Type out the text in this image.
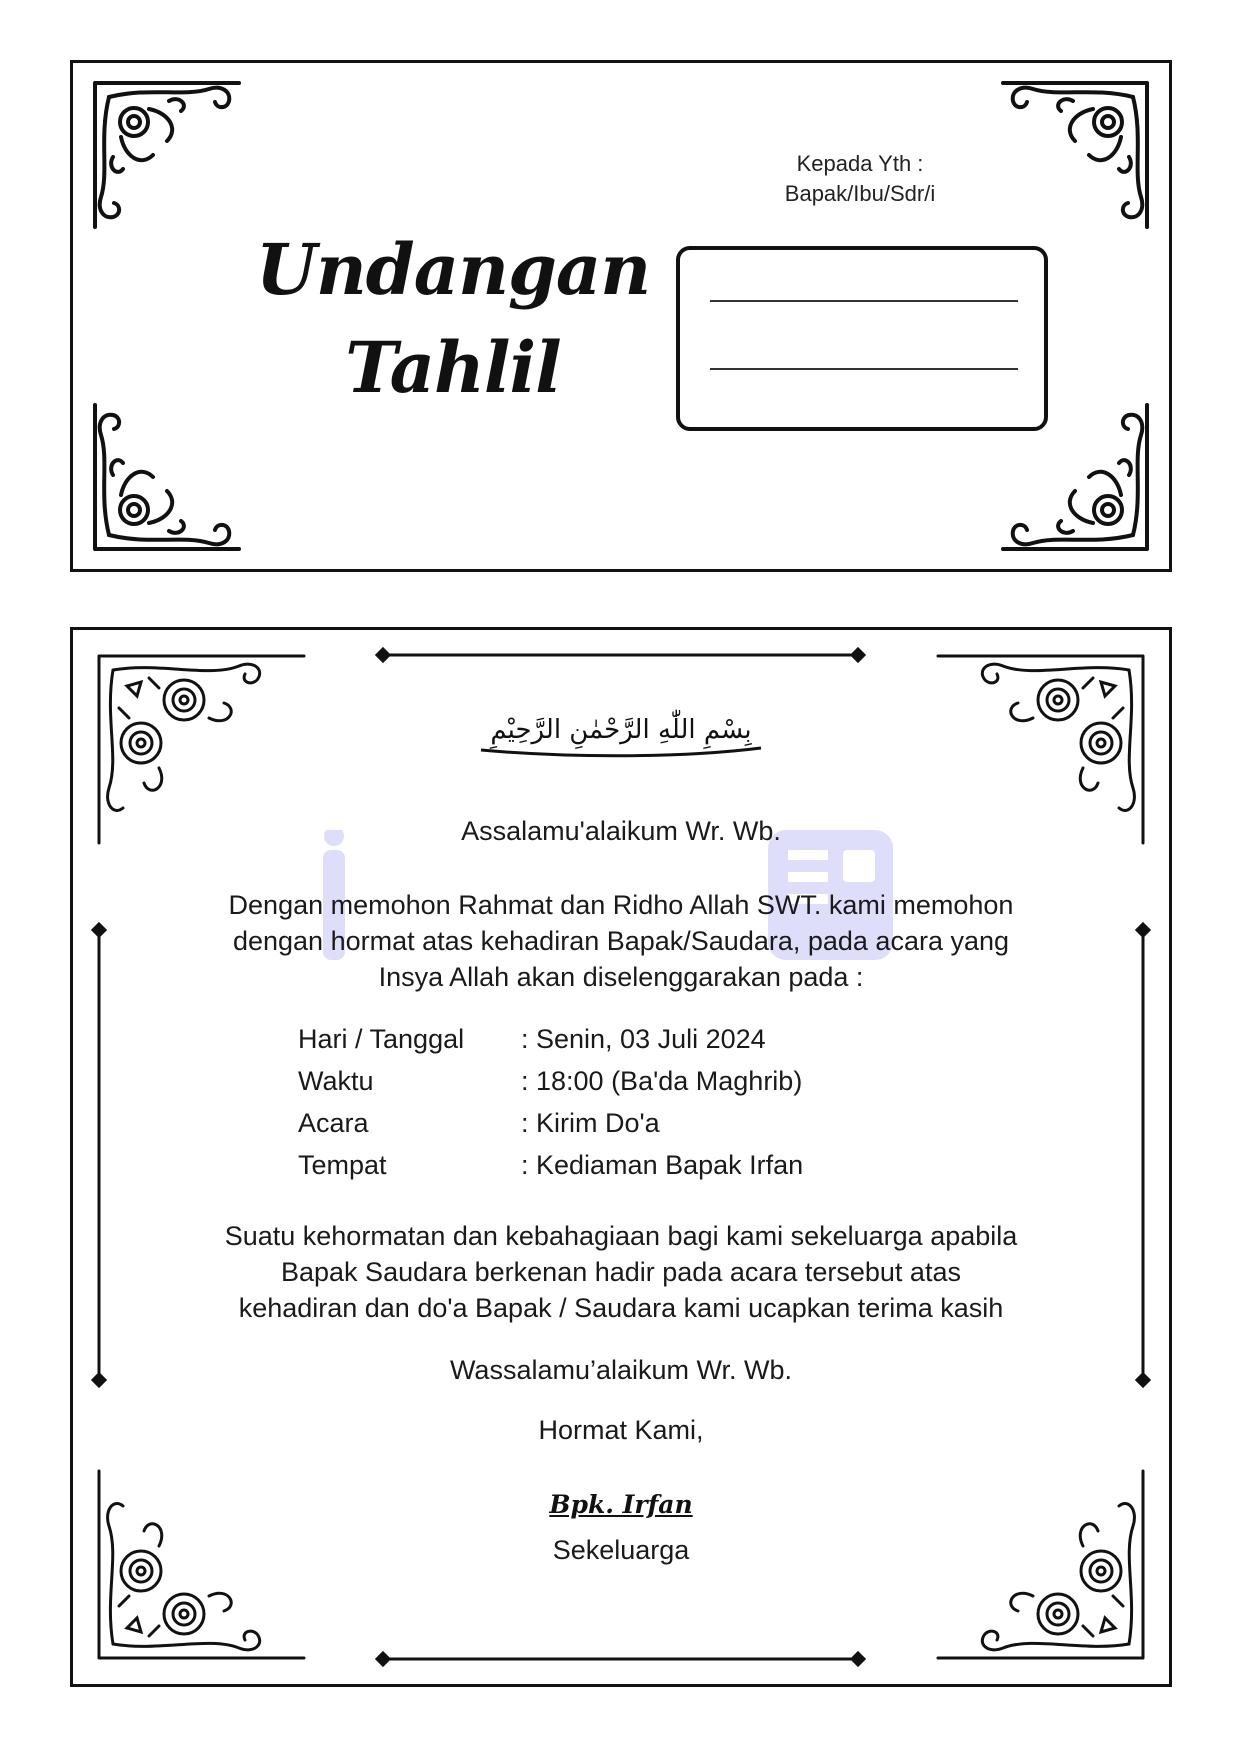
Undangan
Tahlil
Kepada Yth :
Bapak/Ibu/Sdr/i
بِسْمِ اللّٰهِ الرَّحْمٰنِ الرَّحِيْمِ
Assalamu'alaikum Wr. Wb.
Dengan memohon Rahmat dan Ridho Allah SWT. kami memohon
dengan hormat atas kehadiran Bapak/Saudara, pada acara yang
Insya Allah akan diselenggarakan pada :
Hari / Tanggal : Senin, 03 Juli 2024
Waktu	: 18:00 (Ba'da Maghrib)
Acara	: Kirim Do'a
Tempat	: Kediaman Bapak Irfan
Suatu kehormatan dan kebahagiaan bagi kami sekeluarga apabila
Bapak Saudara berkenan hadir pada acara tersebut atas
kehadiran dan do'a Bapak / Saudara kami ucapkan terima kasih
Wassalamu’alaikum Wr. Wb.
Hormat Kami,
Bpk. Irfan
Sekeluarga
